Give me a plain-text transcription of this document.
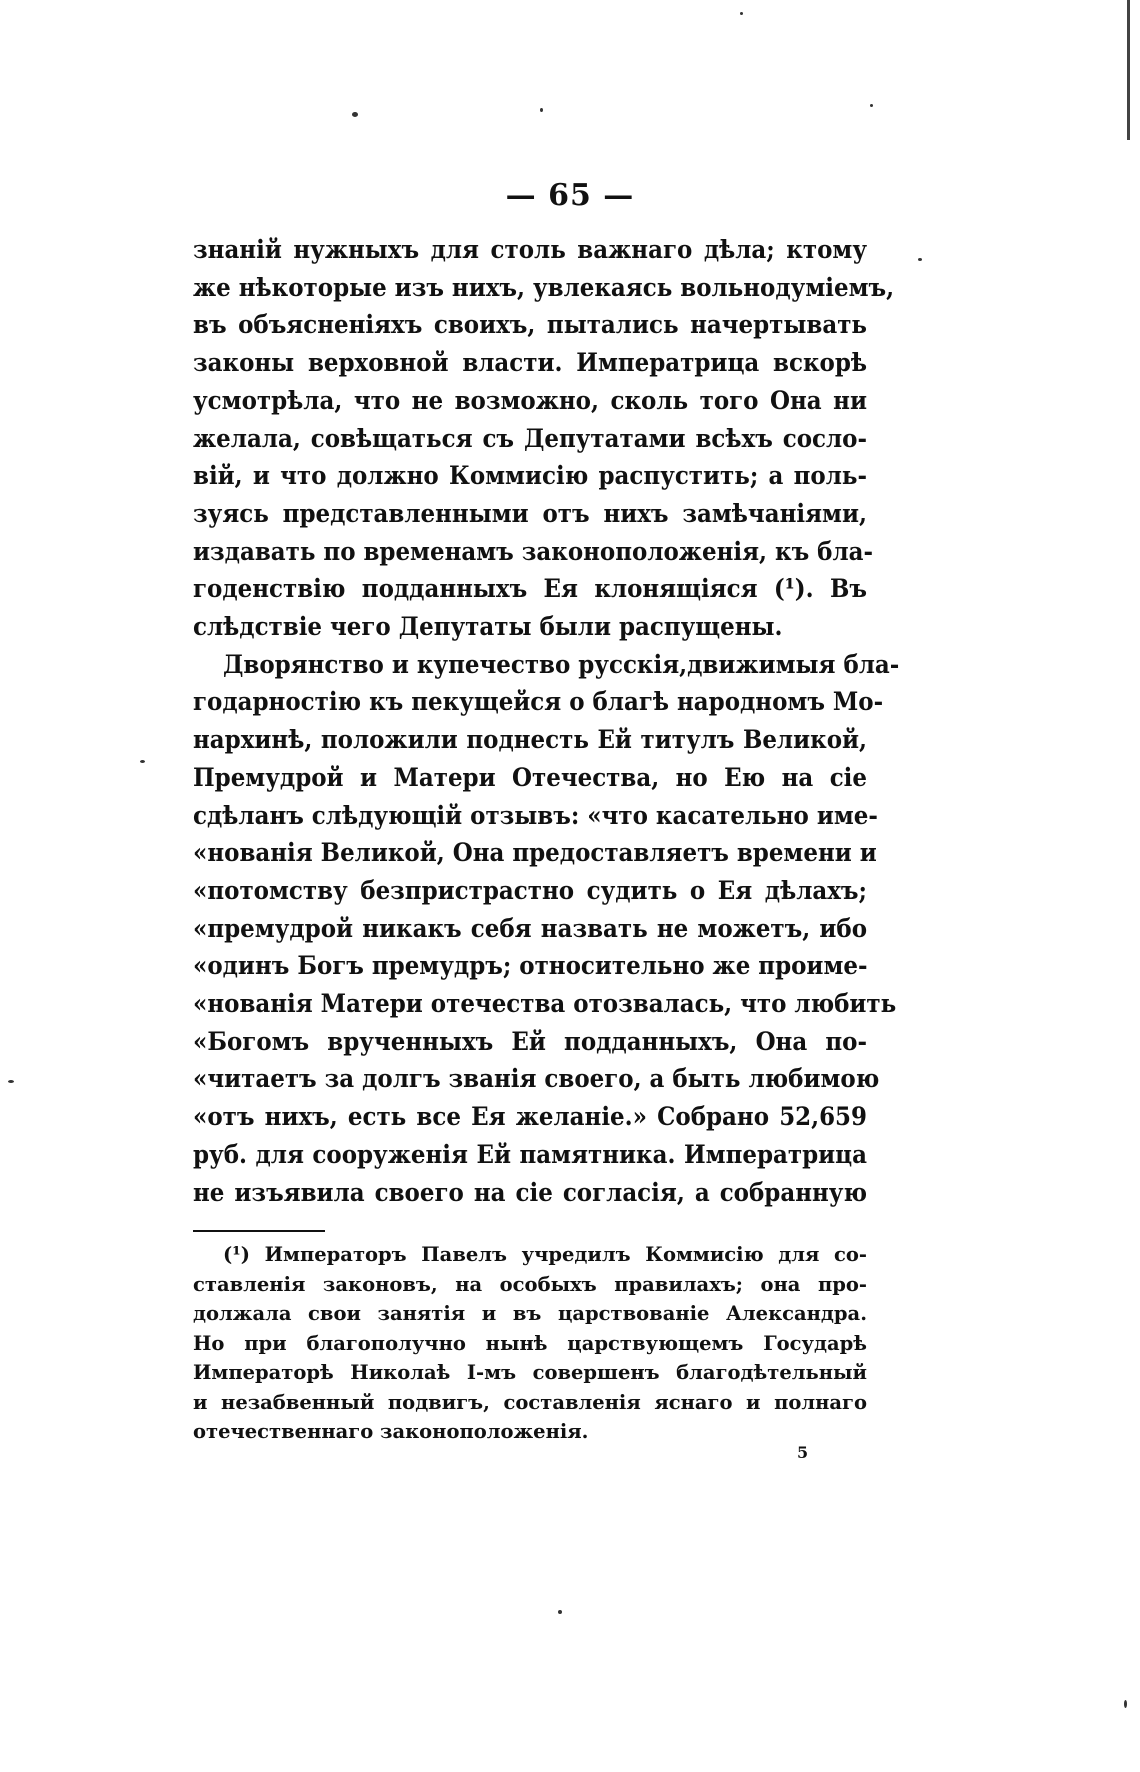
— 65 —
знаній нужныхъ для столь важнаго дѣла; ктому
же нѣкоторые изъ нихъ, увлекаясь вольнодуміемъ,
въ объясненіяхъ своихъ, пытались начертывать
законы верховной власти. Императрица вскорѣ
усмотрѣла, что не возможно, сколь того Она ни
желала, совѣщаться съ Депутатами всѣхъ сосло-
вій, и что должно Коммисію распустить; а поль-
зуясь представленными отъ нихъ замѣчаніями,
издавать по временамъ законоположенія, къ бла-
годенствію подданныхъ Ея клонящіяся (¹). Въ
слѣдствіе чего Депутаты были распущены.
Дворянство и купечество русскія,движимыя бла-
годарностію къ пекущейся о благѣ народномъ Мо-
нархинѣ, положили поднесть Ей титулъ Великой,
Премудрой и Матери Отечества, но Ею на сіе
сдѣланъ слѣдующій отзывъ: «что касательно име-
«нованія Великой, Она предоставляетъ времени и
«потомству безпристрастно судить о Ея дѣлахъ;
«премудрой никакъ себя назвать не можетъ, ибо
«одинъ Богъ премудръ; относительно же проиме-
«нованія Матери отечества отозвалась, что любить
«Богомъ врученныхъ Ей подданныхъ, Она по-
«читаетъ за долгъ званія своего, а быть любимою
«отъ нихъ, есть все Ея желаніе.» Собрано 52,659
руб. для сооруженія Ей памятника. Императрица
не изъявила своего на сіе согласія, а собранную
(¹) Императоръ Павелъ учредилъ Коммисію для со-
ставленія законовъ, на особыхъ правилахъ; она про-
должала свои занятія и въ царствованіе Александра.
Но при благополучно нынѣ царствующемъ Государѣ
Императорѣ Николаѣ I-мъ совершенъ благодѣтельный
и незабвенный подвигъ, составленія яснаго и полнаго
отечественнаго законоположенія.
5
